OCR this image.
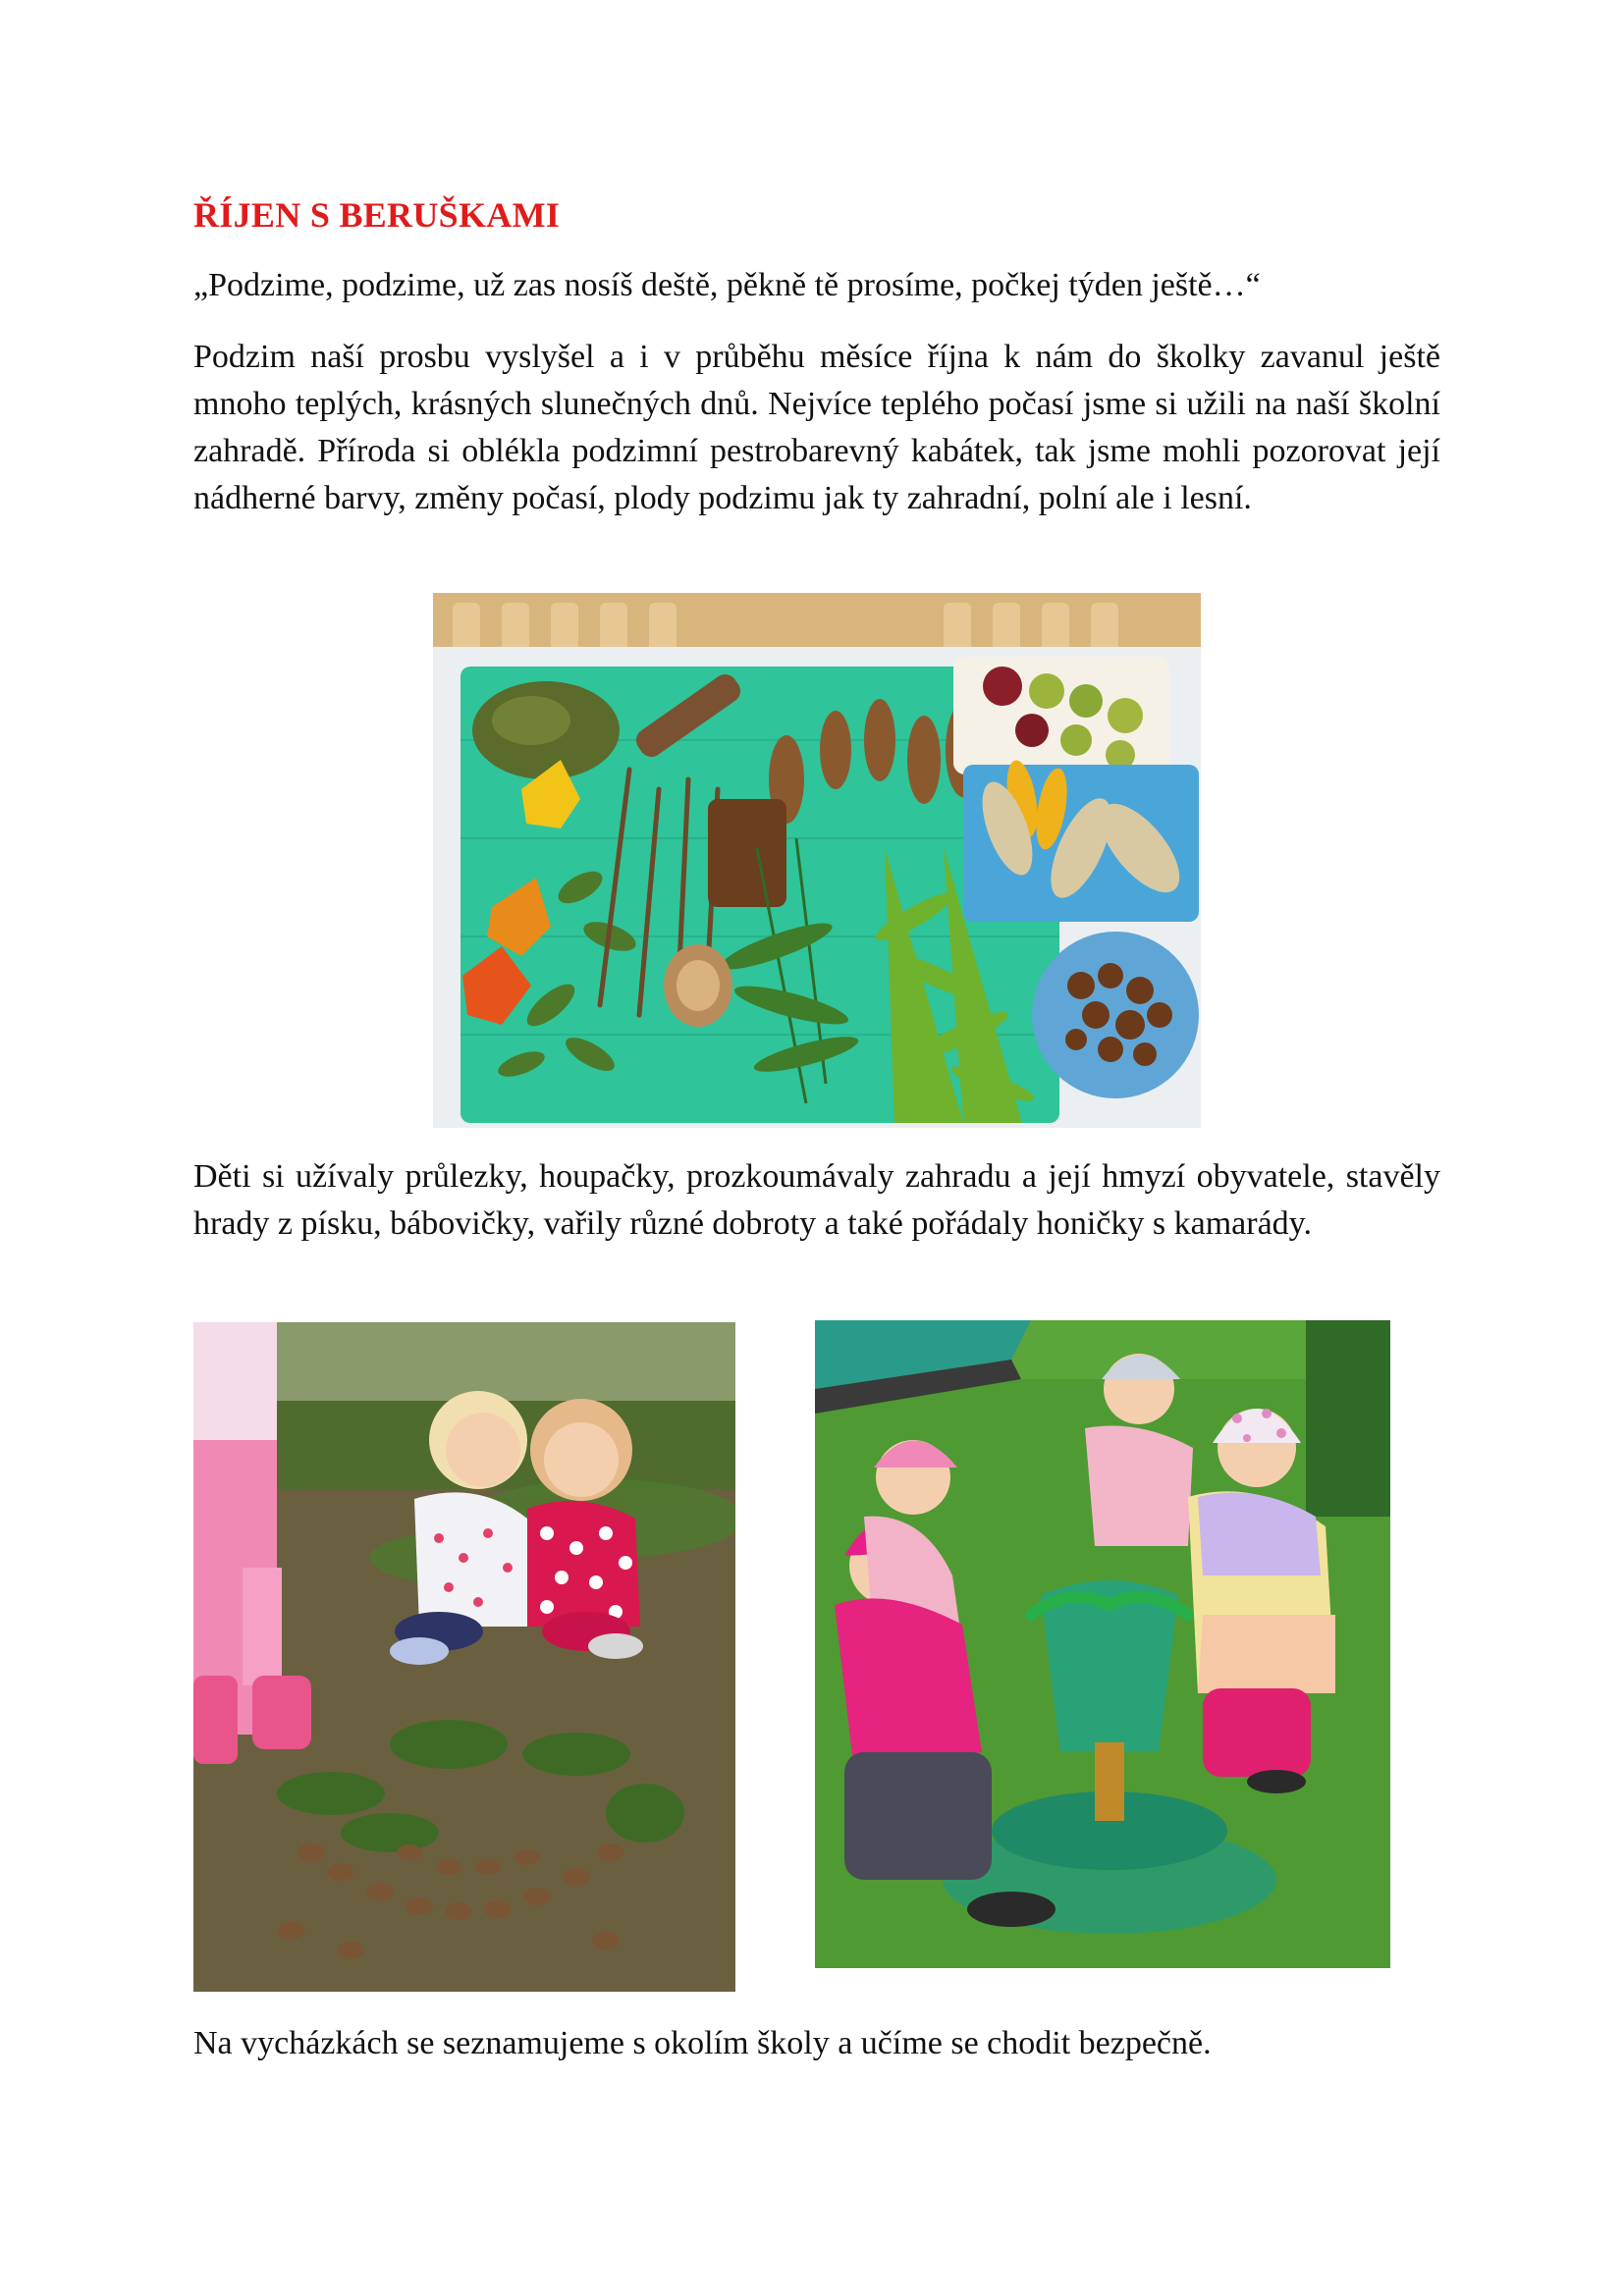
ŘÍJEN S BERUŠKAMI

„Podzime, podzime, už zas nosíš deště, pěkně tě prosíme, počkej týden ještě…“

Podzim naší prosbu vyslyšel a i v průběhu měsíce října k nám do školky zavanul ještě mnoho teplých, krásných slunečných dnů. Nejvíce teplého počasí jsme si užili na naší školní zahradě. Příroda si oblékla podzimní pestrobarevný kabátek, tak jsme mohli pozorovat její nádherné barvy, změny počasí, plody podzimu jak ty zahradní, polní ale i lesní.

Děti si užívaly průlezky, houpačky, prozkoumávaly zahradu a její hmyzí obyvatele, stavěly hrady z písku, bábovičky, vařily různé dobroty a také pořádaly honičky s kamarády.

Na vycházkách se seznamujeme s okolím školy a učíme se chodit bezpečně.
